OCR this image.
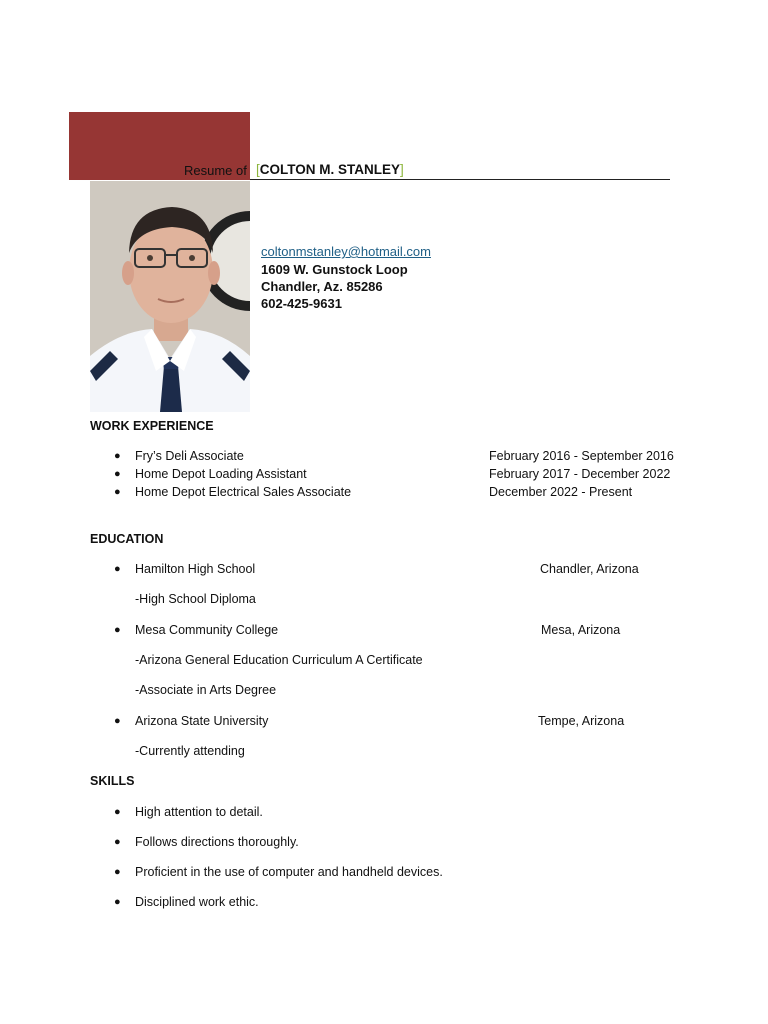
Resume of [COLTON M. STANLEY]
coltonmstanley@hotmail.com
1609 W. Gunstock Loop
Chandler, Az. 85286
602-425-9631
WORK EXPERIENCE
● Fry’s Deli Associate	February 2016 - September 2016
● Home Depot Loading Assistant	February 2017 - December 2022
● Home Depot Electrical Sales Associate	December 2022 - Present
EDUCATION
● Hamilton High School	Chandler, Arizona
-High School Diploma
● Mesa Community College	Mesa, Arizona
-Arizona General Education Curriculum A Certificate
-Associate in Arts Degree
● Arizona State University	Tempe, Arizona
-Currently attending
SKILLS
● High attention to detail.
● Follows directions thoroughly.
● Proficient in the use of computer and handheld devices.
● Disciplined work ethic.
